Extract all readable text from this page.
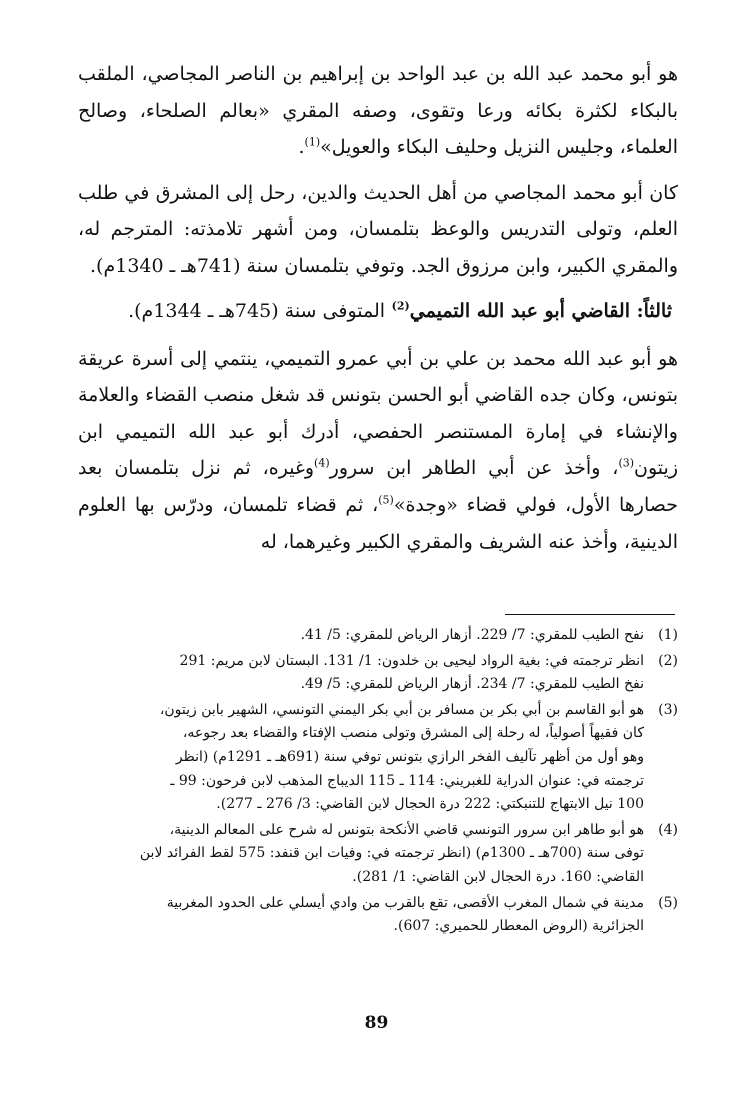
هو أبو محمد عبد الله بن عبد الواحد بن إبراهيم بن الناصر المجاصي، الملقب بالبكاء لكثرة بكائه ورعا وتقوى، وصفه المقري «بعالم الصلحاء، وصالح العلماء، وجليس النزيل وحليف البكاء والعويل»$^{(1)}$.

كان أبو محمد المجاصي من أهل الحديث والدين، رحل إلى المشرق في طلب العلم، وتولى التدريس والوعظ بتلمسان، ومن أشهر تلامذته: المترجم له، والمقري الكبير، وابن مرزوق الجد. وتوفي بتلمسان سنة (741هـ ـ 1340م).

ثالثاً: القاضي أبو عبد الله التميمي$^{(2)}$ المتوفى سنة (745هـ ـ 1344م).

هو أبو عبد الله محمد بن علي بن أبي عمرو التميمي، ينتمي إلى أسرة عريقة بتونس، وكان جده القاضي أبو الحسن بتونس قد شغل منصب القضاء والعلامة والإنشاء في إمارة المستنصر الحفصي، أدرك أبو عبد الله التميمي ابن زيتون$^{(3)}$، وأخذ عن أبي الطاهر ابن سرور$^{(4)}$وغيره، ثم نزل بتلمسان بعد حصارها الأول، فولي قضاء «وجدة»$^{(5)}$، ثم قضاء تلمسان، ودرّس بها العلوم الدينية، وأخذ عنه الشريف والمقري الكبير وغيرهما، له

(1)
نفح الطيب للمقري: 7/ 229. أزهار الرياض للمقري: 5/ 41.
(2)
انظر ترجمته في: بغية الرواد ليحيى بن خلدون: 1/ 131. البستان لابن مريم: 291
نفخ الطيب للمقري: 7/ 234. أزهار الرياض للمقري: 5/ 49.
(3)
هو أبو القاسم بن أبي بكر بن مسافر بن أبي بكر اليمني التونسي، الشهير بابن زيتون،
كان فقيهاً أصولياً، له رحلة إلى المشرق وتولى منصب الإفتاء والقضاء بعد رجوعه،
وهو أول من أظهر تآليف الفخر الرازي بتونس توفي سنة (691هـ ـ 1291م) (انظر
ترجمته في: عنوان الدراية للغبريني: 114 ـ 115 الديباج المذهب لابن فرحون: 99 ـ
100 نيل الابتهاج للتنبكتي: 222 درة الحجال لابن القاضي: 3/ 276 ـ 277).
(4)
هو أبو طاهر ابن سرور التونسي قاضي الأنكحة بتونس له شرح على المعالم الدينية،
توفى سنة (700هـ ـ 1300م) (انظر ترجمته في: وفيات ابن قنفد: 575 لقط الفرائد لابن
القاضي: 160. درة الحجال لابن القاضي: 1/ 281).
(5)
مدينة في شمال المغرب الأقصى، تقع بالقرب من وادي أيسلي على الحدود المغربية
الجزائرية (الروض المعطار للحميري: 607).
89
